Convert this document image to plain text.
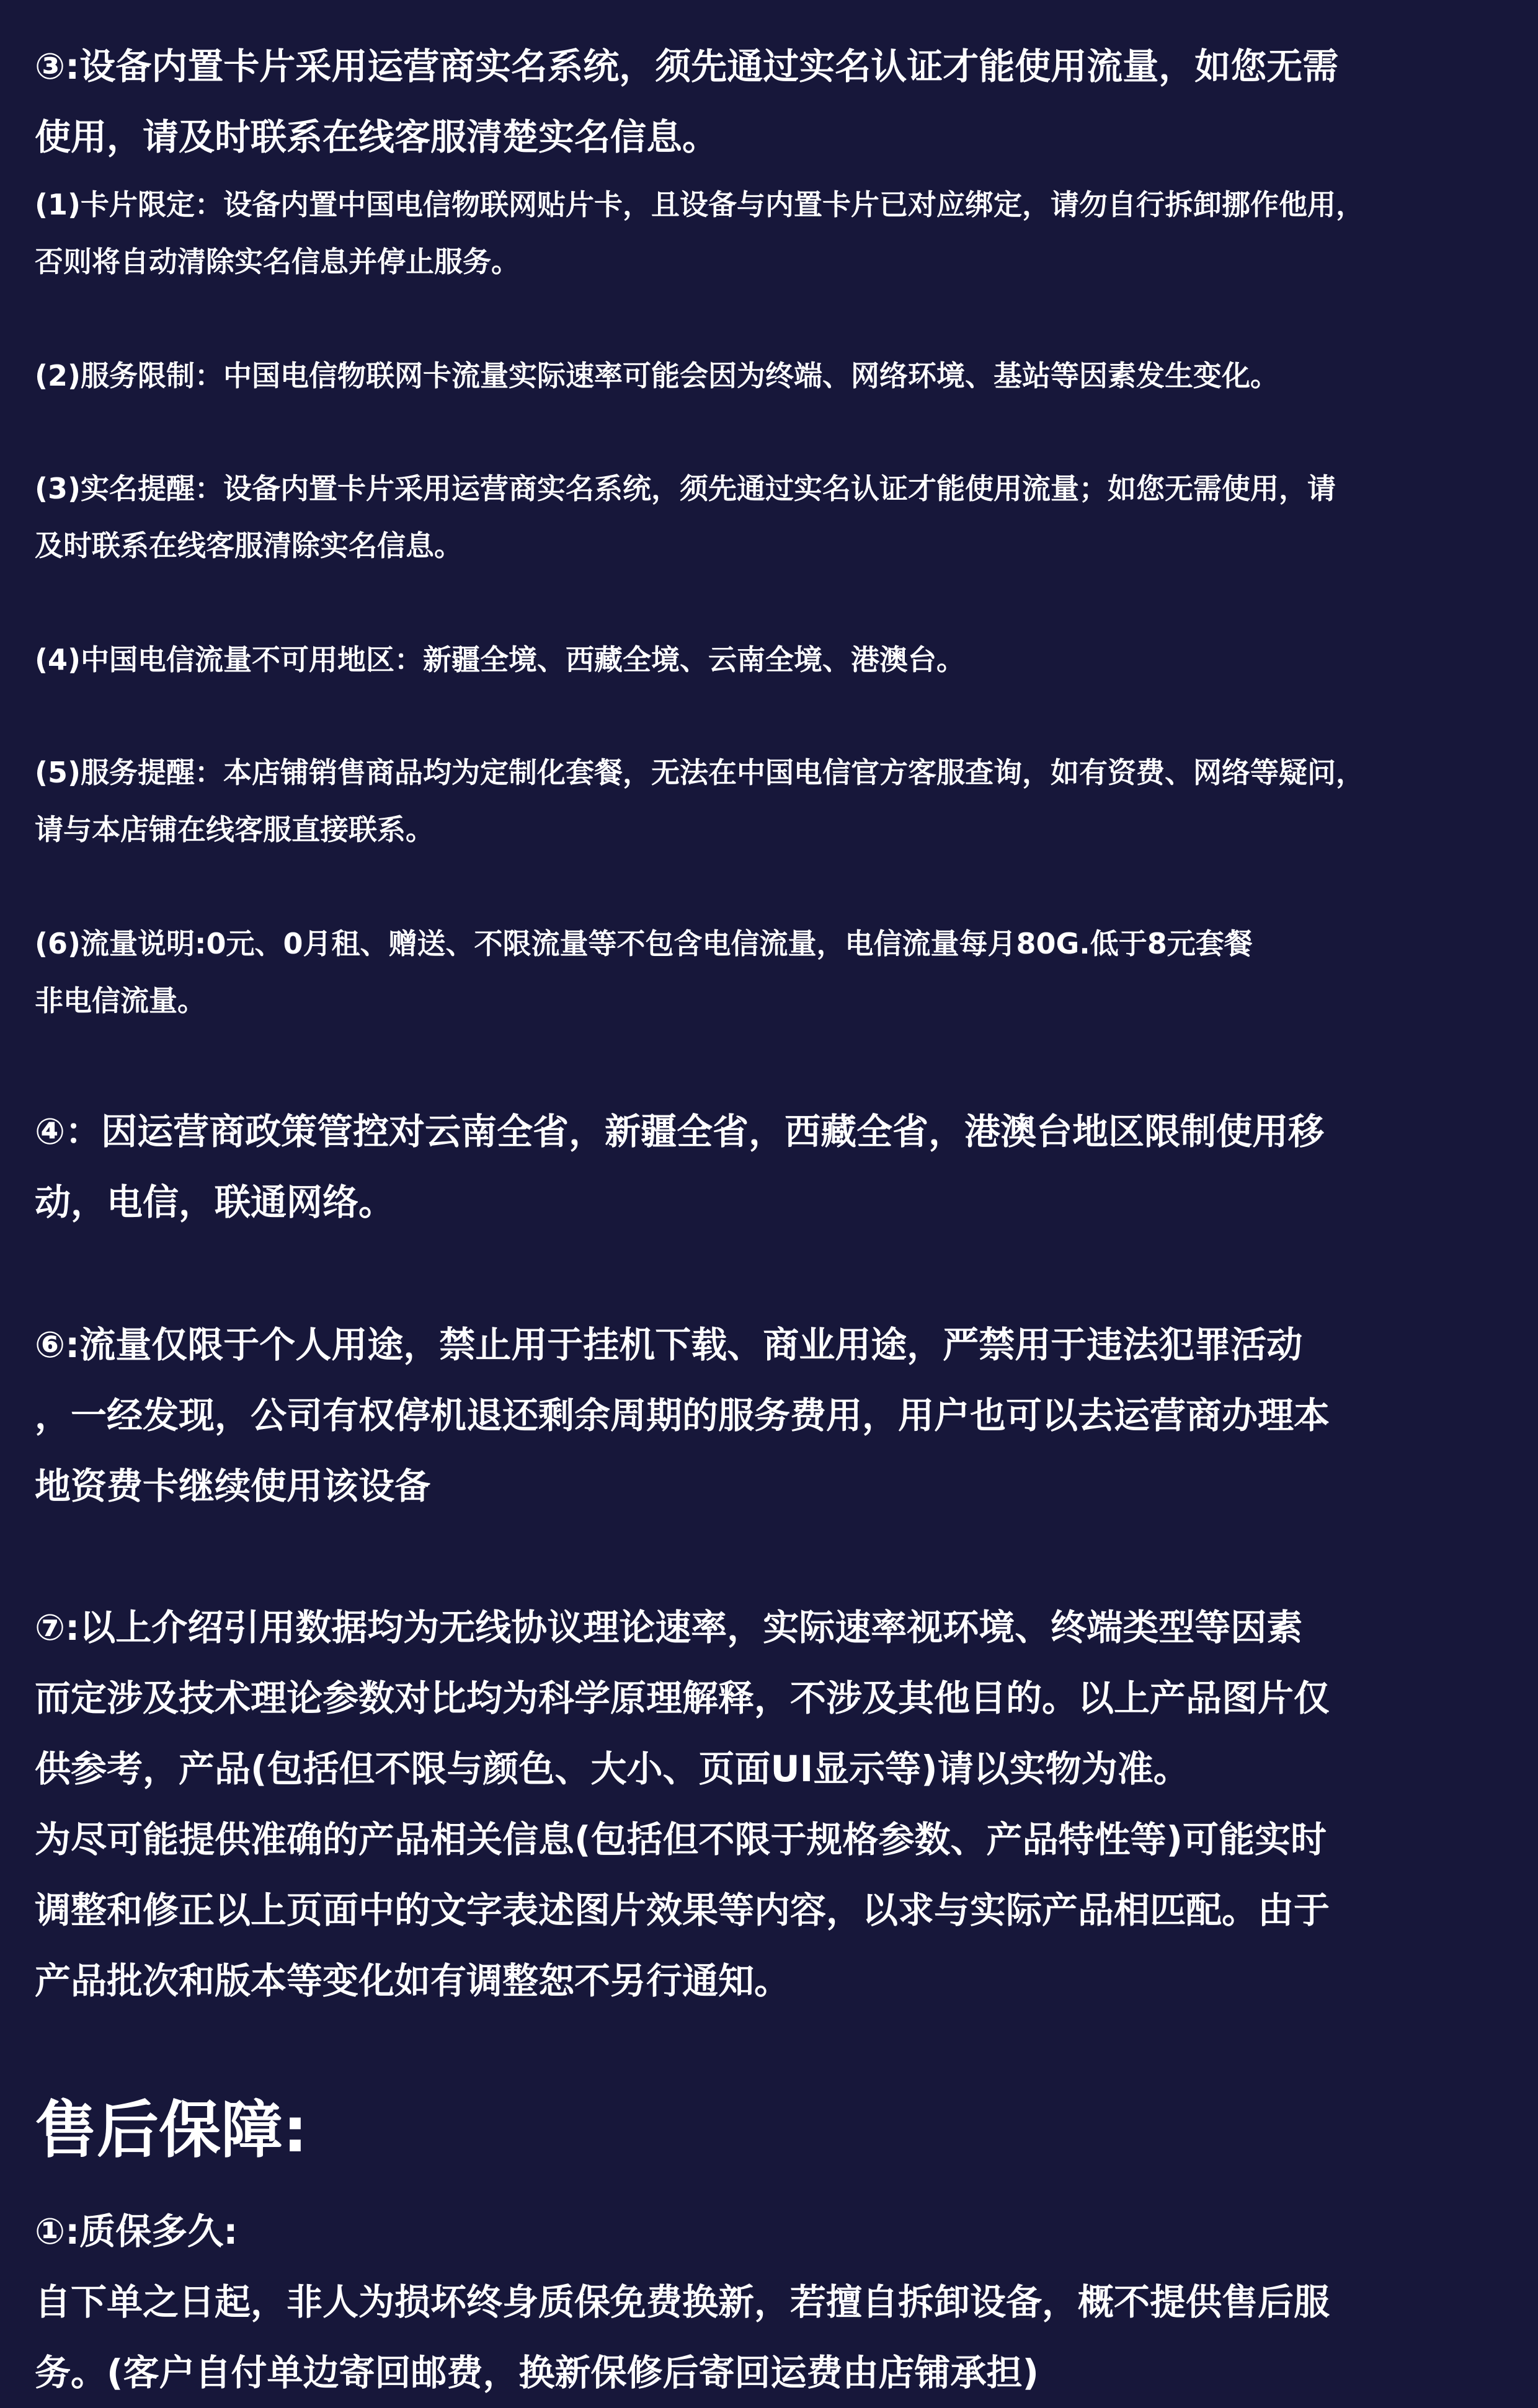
③:设备内置卡片采用运营商实名系统，须先通过实名认证才能使用流量，如您无需
使用，请及时联系在线客服清楚实名信息。
(1)卡片限定：设备内置中国电信物联网贴片卡，且设备与内置卡片已对应绑定，请勿自行拆卸挪作他用，
否则将自动清除实名信息并停止服务。
(2)服务限制：中国电信物联网卡流量实际速率可能会因为终端、网络环境、基站等因素发生变化。
(3)实名提醒：设备内置卡片采用运营商实名系统，须先通过实名认证才能使用流量；如您无需使用，请
及时联系在线客服清除实名信息。
(4)中国电信流量不可用地区：新疆全境、西藏全境、云南全境、港澳台。
(5)服务提醒：本店铺销售商品均为定制化套餐，无法在中国电信官方客服查询，如有资费、网络等疑问，
请与本店铺在线客服直接联系。
(6)流量说明:0元、0月租、赠送、不限流量等不包含电信流量，电信流量每月80G.低于8元套餐
非电信流量。
④：因运营商政策管控对云南全省，新疆全省，西藏全省，港澳台地区限制使用移
动，电信，联通网络。
⑥:流量仅限于个人用途，禁止用于挂机下载、商业用途，严禁用于违法犯罪活动
，一经发现，公司有权停机退还剩余周期的服务费用，用户也可以去运营商办理本
地资费卡继续使用该设备
⑦:以上介绍引用数据均为无线协议理论速率，实际速率视环境、终端类型等因素
而定涉及技术理论参数对比均为科学原理解释，不涉及其他目的。以上产品图片仅
供参考，产品(包括但不限与颜色、大小、页面UI显示等)请以实物为准。
为尽可能提供准确的产品相关信息(包括但不限于规格参数、产品特性等)可能实时
调整和修正以上页面中的文字表述图片效果等内容，以求与实际产品相匹配。由于
产品批次和版本等变化如有调整恕不另行通知。
售后保障:
①:质保多久:
自下单之日起，非人为损坏终身质保免费换新，若擅自拆卸设备，概不提供售后服
务。(客户自付单边寄回邮费，换新保修后寄回运费由店铺承担)
